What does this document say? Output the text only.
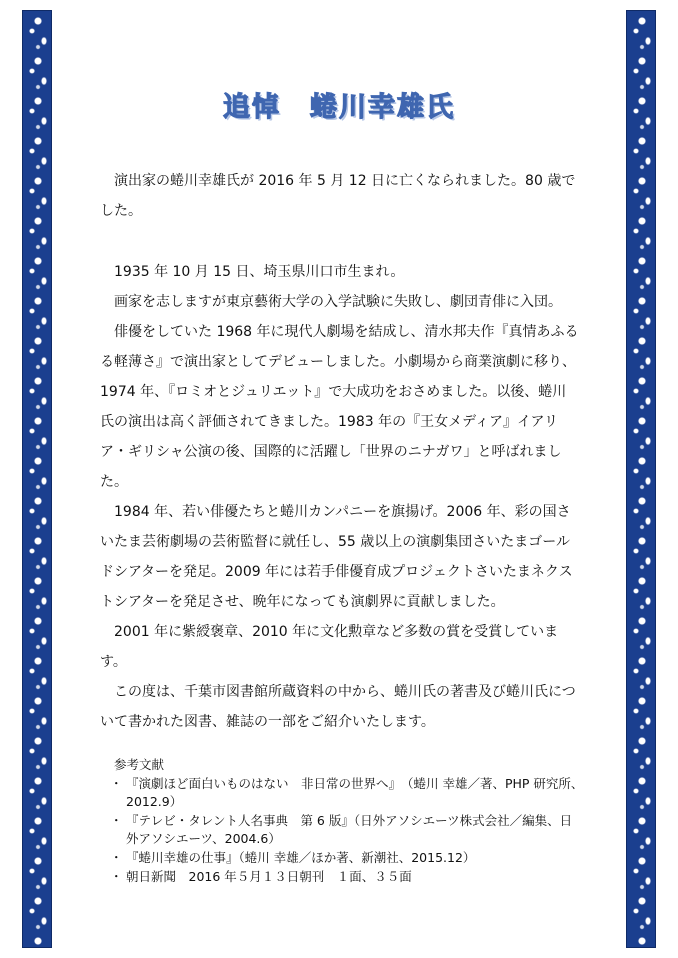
追悼　蜷川幸雄氏

演出家の蜷川幸雄氏が 2016 年 5 月 12 日に亡くなられました。80 歳でした。

1935 年 10 月 15 日、埼玉県川口市生まれ。

画家を志しますが東京藝術大学の入学試験に失敗し、劇団青俳に入団。

俳優をしていた 1968 年に現代人劇場を結成し、清水邦夫作『真情あふるる軽薄さ』で演出家としてデビューしました。小劇場から商業演劇に移り、1974 年、『ロミオとジュリエット』で大成功をおさめました。以後、蜷川氏の演出は高く評価されてきました。1983 年の『王女メディア』イアリア・ギリシャ公演の後、国際的に活躍し「世界のニナガワ」と呼ばれました。

1984 年、若い俳優たちと蜷川カンパニーを旗揚げ。2006 年、彩の国さいたま芸術劇場の芸術監督に就任し、55 歳以上の演劇集団さいたまゴールドシアターを発足。2009 年には若手俳優育成プロジェクトさいたまネクストシアターを発足させ、晩年になっても演劇界に貢献しました。

2001 年に紫綬褒章、2010 年に文化勲章など多数の賞を受賞しています。

この度は、千葉市図書館所蔵資料の中から、蜷川氏の著書及び蜷川氏について書かれた図書、雑誌の一部をご紹介いたします。

参考文献

・ 『演劇ほど面白いものはない　非日常の世界へ』　（蜷川 幸雄／著、PHP 研究所、2012.9）
・ 『テレビ・タレント人名事典　第 6 版』（日外アソシエーツ株式会社／編集、日外アソシエーツ、2004.6）
・ 『蜷川幸雄の仕事』（蜷川 幸雄／ほか著、新潮社、2015.12）
・ 朝日新聞　2016 年５月１３日朝刊　１面、３５面
